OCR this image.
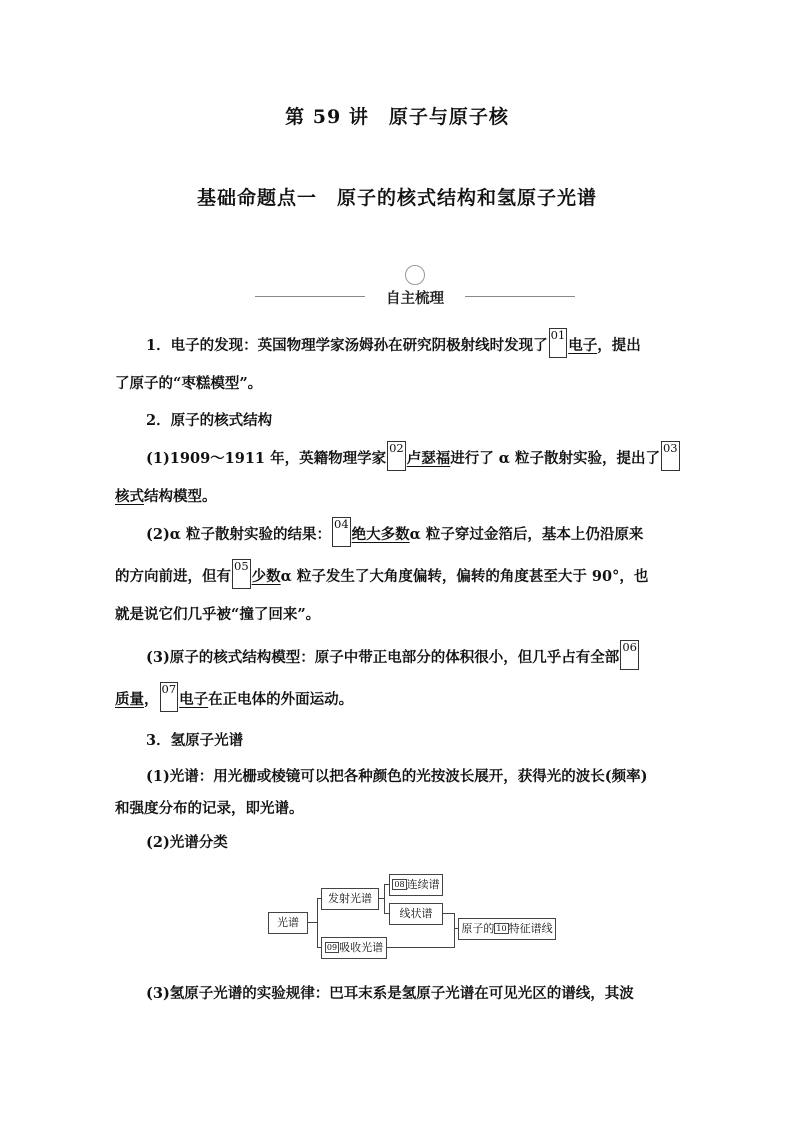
第 59 讲　原子与原子核
基础命题点一　原子的核式结构和氢原子光谱
自主梳理
1．电子的发现：英国物理学家汤姆孙在研究阴极射线时发现了01电子，提出
了原子的“枣糕模型”。
2．原子的核式结构
(1)1909～1911 年，英籍物理学家02卢瑟福进行了 α 粒子散射实验，提出了03
核式结构模型。
(2)α 粒子散射实验的结果：04绝大多数α 粒子穿过金箔后，基本上仍沿原来
的方向前进，但有05少数α 粒子发生了大角度偏转，偏转的角度甚至大于 90°，也
就是说它们几乎被“撞了回来”。
(3)原子的核式结构模型：原子中带正电部分的体积很小，但几乎占有全部06
质量，07电子在正电体的外面运动。
3．氢原子光谱
(1)光谱：用光栅或棱镜可以把各种颜色的光按波长展开，获得光的波长(频率)
和强度分布的记录，即光谱。
(2)光谱分类
光谱
发射光谱
08 连续谱
线状谱
09 吸收光谱
原子的 10 特征谱线
(3)氢原子光谱的实验规律：巴耳末系是氢原子光谱在可见光区的谱线，其波
